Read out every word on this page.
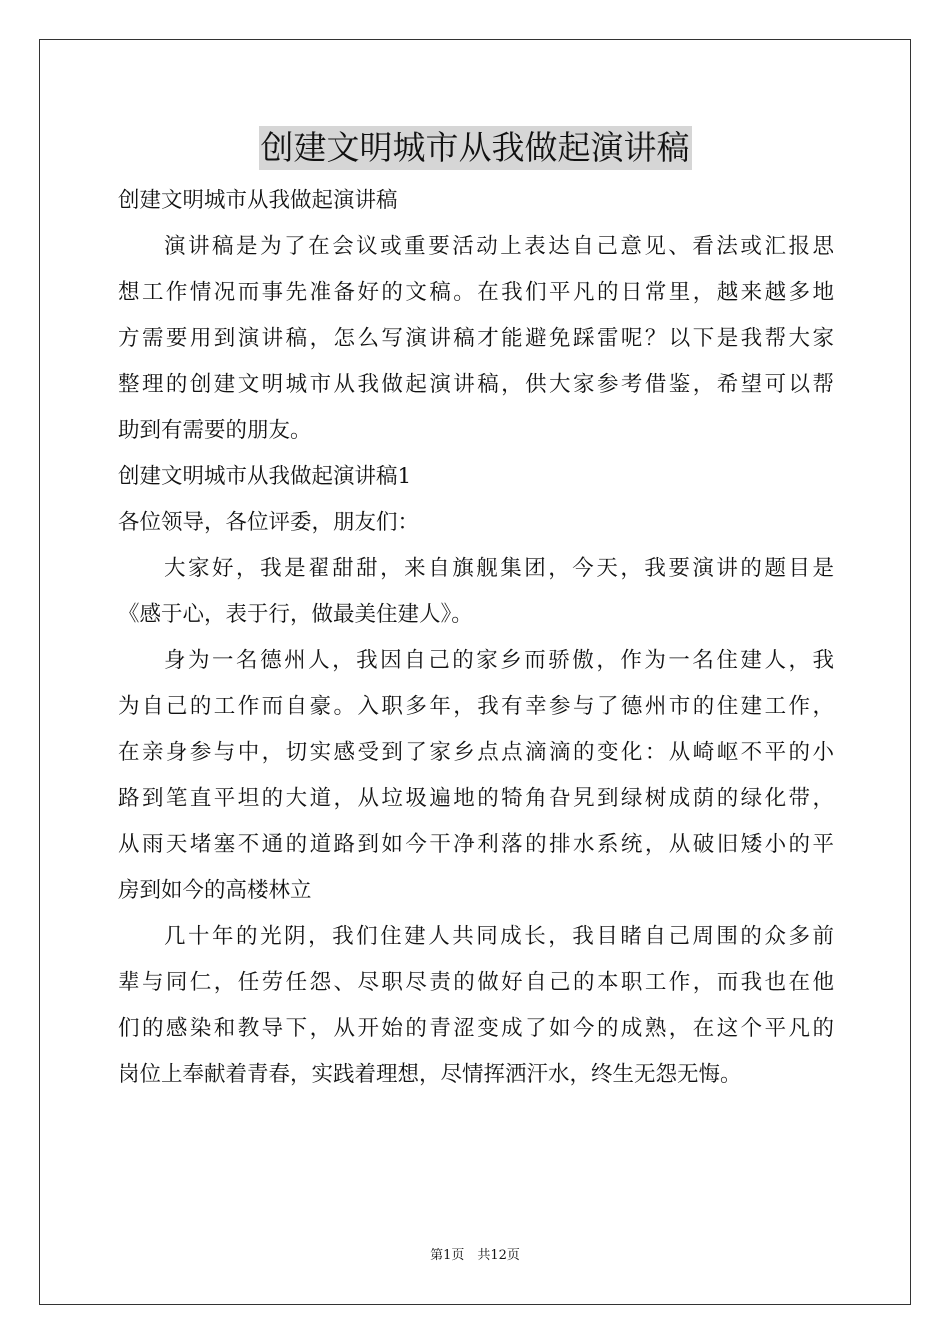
创建文明城市从我做起演讲稿
创建文明城市从我做起演讲稿
演讲稿是为了在会议或重要活动上表达自己意见、看法或汇报思
想工作情况而事先准备好的文稿。在我们平凡的日常里，越来越多地
方需要用到演讲稿，怎么写演讲稿才能避免踩雷呢？以下是我帮大家
整理的创建文明城市从我做起演讲稿，供大家参考借鉴，希望可以帮
助到有需要的朋友。
创建文明城市从我做起演讲稿1
各位领导，各位评委，朋友们：
大家好，我是翟甜甜，来自旗舰集团，今天，我要演讲的题目是
《感于心，表于行，做最美住建人》。
身为一名德州人，我因自己的家乡而骄傲，作为一名住建人，我
为自己的工作而自豪。入职多年，我有幸参与了德州市的住建工作，
在亲身参与中，切实感受到了家乡点点滴滴的变化：从崎岖不平的小
路到笔直平坦的大道，从垃圾遍地的犄角旮旯到绿树成荫的绿化带，
从雨天堵塞不通的道路到如今干净利落的排水系统，从破旧矮小的平
房到如今的高楼林立
几十年的光阴，我们住建人共同成长，我目睹自己周围的众多前
辈与同仁，任劳任怨、尽职尽责的做好自己的本职工作，而我也在他
们的感染和教导下，从开始的青涩变成了如今的成熟，在这个平凡的
岗位上奉献着青春，实践着理想，尽情挥洒汗水，终生无怨无悔。
第1页　共12页
